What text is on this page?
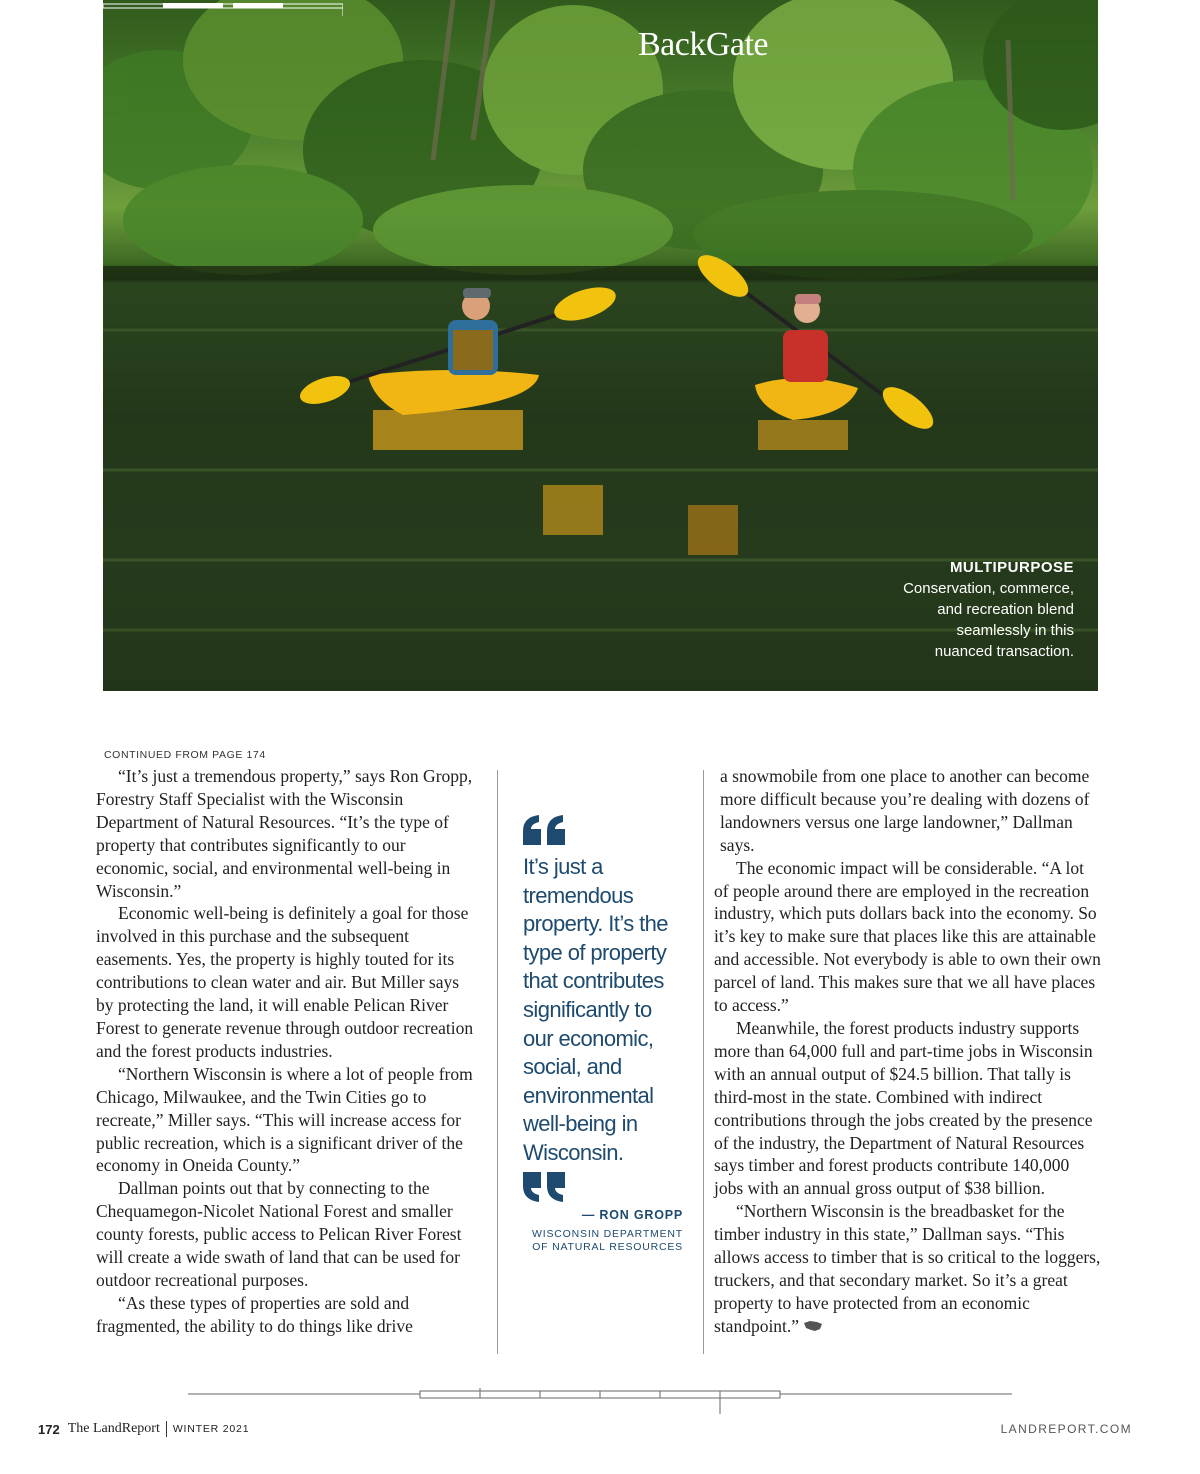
BackGate
MULTIPURPOSE
Conservation, commerce,
and recreation blend
seamlessly in this
nuanced transaction.
CONTINUED FROM PAGE 174

“It’s just a tremendous property,” says Ron Gropp, Forestry Staff Specialist with the Wisconsin Department of Natural Resources. “It’s the type of property that contributes significantly to our economic, social, and environmental well-being in Wisconsin.”

Economic well-being is definitely a goal for those involved in this purchase and the subsequent easements. Yes, the property is highly touted for its contributions to clean water and air. But Miller says by protecting the land, it will enable Pelican River Forest to generate revenue through outdoor recreation and the forest products industries.

“Northern Wisconsin is where a lot of people from Chicago, Milwaukee, and the Twin Cities go to recreate,” Miller says. “This will increase access for public recreation, which is a significant driver of the economy in Oneida County.”

Dallman points out that by connecting to the Chequamegon-Nicolet National Forest and smaller county forests, public access to Pelican River Forest will create a wide swath of land that can be used for outdoor recreational purposes.

“As these types of properties are sold and fragmented, the ability to do things like drive

It’s just a tremendous property. It’s the type of property that contributes significantly to our economic, social, and environmental well-being in Wisconsin.

— RON GROPP
WISCONSIN DEPARTMENT
OF NATURAL RESOURCES

a snowmobile from one place to another can become more difficult because you’re dealing with dozens of landowners versus one large landowner,” Dallman says.

The economic impact will be considerable. “A lot of people around there are employed in the recreation industry, which puts dollars back into the economy. So it’s key to make sure that places like this are attainable and accessible. Not everybody is able to own their own parcel of land. This makes sure that we all have places to access.”

Meanwhile, the forest products industry supports more than 64,000 full and part-time jobs in Wisconsin with an annual output of $24.5 billion. That tally is third-most in the state. Combined with indirect contributions through the jobs created by the presence of the industry, the Department of Natural Resources says timber and forest products contribute 140,000 jobs with an annual gross output of $38 billion.

“Northern Wisconsin is the breadbasket for the timber industry in this state,” Dallman says. “This allows access to timber that is so critical to the loggers, truckers, and that secondary market. So it’s a great property to have protected from an economic standpoint.”

172 The LandReport WINTER 2021	LANDREPORT.COM
